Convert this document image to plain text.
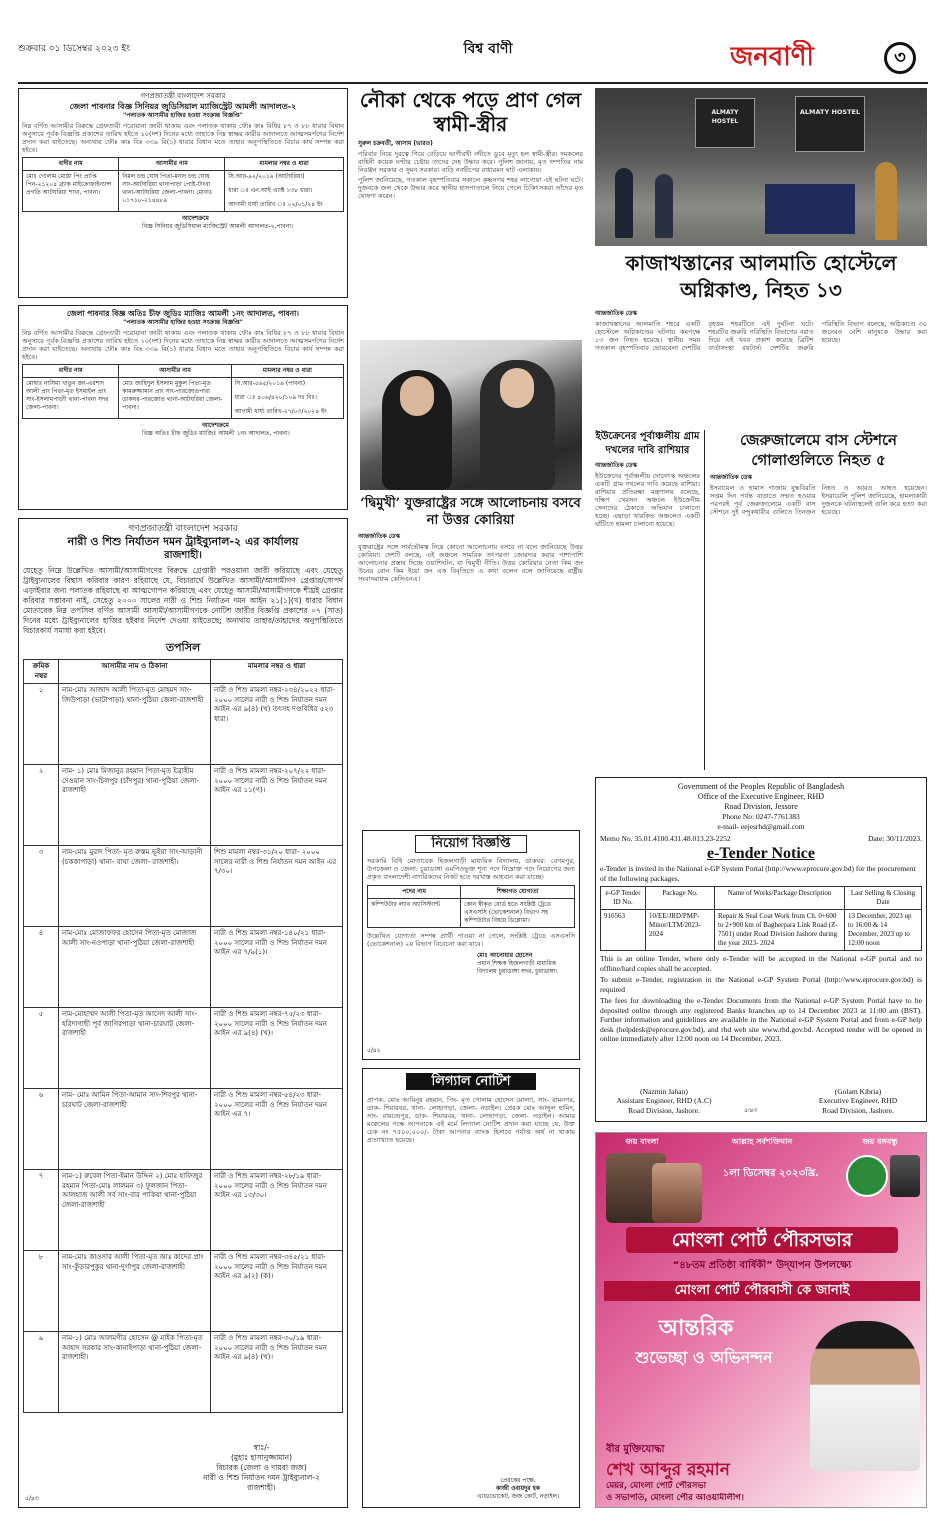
শুক্রবার ০১ ডিসেম্বর ২০২৩ ইং	বিশ্ব বাণী	জনবাণী	৩
গণপ্রজাতন্ত্রী বাংলাদেশ সরকার
জেলা পাবনার বিজ্ঞ সিনিয়র জুডিসিয়াল ম্যাজিস্ট্রেট আমলী আদালত-২
"পলাতক আসামীর হাজির হওয়া সংক্রান্ত বিজ্ঞপ্তি"
নিম্ন বর্ণিত আসামীর বিরুদ্ধে গ্রেফতারী পরোয়ানা জারী থাকায় এবং পলাতক থাকায় ফৌঃ কাঃ বিধির ৮৭ ও ৮৮ ধারার বিধান অনুসারে পূর্বক বিজ্ঞপ্তি প্রকাশের তারিখ হইতে ১০(দশ) দিনের মধ্যে তাহাকে নিম্ন স্বাক্ষর কারীর আদালতে আত্মসমর্পণের নির্দেশ প্রদান করা যাইতেছে। অন্যথায় ফৌঃ কাঃ বিঃ ৩৩৯ বি(১) ধারার বিধান মতে তাহার অনুপস্থিতিতে বিচার কার্য সম্পন্ন করা হইবে।
বাদীর নাম	আসামীর নাম	মামলার নম্বর ও ধারা
মোঃ গোলাম মোস্তা পিং প্রাপ্তি পিন-২১২০৪ ব্র্যাক মাইক্রোফাইন্যান্স প্রগতি আটঘরিয়া শাখা, পাবনা।	বিমল চন্দ্র ঘোষ পিতা-মনাদ চন্দ্র ঘোষ সাং-আটঘরিয়া থানাপাড়া পোষ্ট-টাংবা থানা-আটঘরিয়া জেলা-পাবনা। মোবাঃ ০১৭১৮-২১৪৪৮৯	সি.আর-৯২/২০১৯ (আটঘরিয়া)
ধারা ঃ এন.আই এ্যাক্ট ১৩৮ ধারা।
আগামী ধার্য্য তারিখ ঃ ০২/০১/২৪ ইং
আদেশক্রমে
বিজ্ঞ সিনিয়র জুডিসিয়াল ম্যাজিস্ট্রেট আমলী আদালত-২,পাবনা।
জেলা পাবনার বিজ্ঞ অতিঃ চীফ জুডিঃ ম্যাজিঃ আমলী ১নং আদালত, পাবনা।
"পলাতক আসামীর হাজির হওয়া সংক্রান্ত বিজ্ঞপ্তি"
নিম্ন বর্ণিত আসামীর বিরুদ্ধে গ্রেফতারী পরোয়ানা জারী থাকায় এবং পলাতক থাকায় ফৌঃ কাঃ বিধির ৮৭ ও ৮৮ ধারার বিধান অনুসারে পূর্বক বিজ্ঞপ্তি প্রকাশের তারিখ হইতে ১০(দশ) দিনের মধ্যে তাহাকে নিম্ন স্বাক্ষর কারীর আদালতে আত্মসমর্পণের নির্দেশ প্রদান করা যাইতেছে। অন্যথায় ফৌঃ কাঃ বিঃ ৩৩৯ বি(১) ধারার বিধান মতে তাহার অনুপস্থিতিতে বিচার কার্য সম্পন্ন করা হইবে।
বাদীর নাম	আসামীর নাম	মামলার নম্বর ও ধারা
মোছাঃ নাসিমা খাতুন জং-এরশাদ আলী প্রাং পিতা-মৃত ইসমাইল প্রাং সাং-ইসলামপাড়াী থানা-পাবনা সদর জেলা-পাবনা।	মোঃ জাহিদুল ইসলাম মুকুল পিতা-মৃত কামরুজ্জামান প্রাং সাং-পারজোতপারা ডাকঘর-পারজোত থানা-আটঘরিয়া জেলা-পাবনা।	সি.আর-৫৬৫/২০১৯ (পাবনা)
ধারা ঃ ৪০৬/৪২০/১০৯ দঃ বিঃ।
আগামী ধার্য্য তারিখ-২৭/০৩/২০২৪ ইং
আদেশক্রমে
বিজ্ঞ অতিঃ চীফ জুডিঃ ম্যাজিঃ আমলী ১নং আদালত, পাবনা।
গণপ্রজাতন্ত্রী বাংলাদেশ সরকার
নারী ও শিশু নির্যাতন দমন ট্রাইব্যুনাল-২ এর কার্যালয়
রাজশাহী।
যেহেতু নিম্নে উল্লেখিত আসামী/আসামীগণের বিরুদ্ধে গ্রেপ্তারী পরওয়ানা জারী করিয়াছে এবং যেহেতু ট্রাইব্যুনালের বিশ্বাস করিবার কারণ রহিয়াছে যে, বিচারার্থে উল্লেখিত আসামী/আসামীগণ গ্রেপ্তার/সোপর্দ এড়াইবার জন্য পলাতক রহিয়াছে বা আত্মগোপন করিয়াছে এবং যেহেতু আসামী/আসামীগণকে শীঘ্রই গ্রেপ্তার করিবার সম্ভাবনা নাই, সেহেতু ২০০০ সালের নারী ও শিশু নির্যাতন দমন আইন ২১(১)(খ) ধারার বিধান মোতাবেক নিম্ন তপসিল বর্ণিত আসামী আসামী/আসামীগণকে নোটিশ জারীর বিজ্ঞপ্তি প্রকাশের ০৭ (সাত) দিনের মধ্যে ট্রাইব্যুনালের হাজির হইবার নির্দেশ দেওয়া যাইতেছে; অন্যথায় তাহার/তাহাদের অনুপস্থিতিতে বিচারকার্য সমাধা করা হইবে।
তপসিল
ক্রমিক নম্বর	আসামীর নাম ও ঠিকানা	মামলার নম্বর ও ধারা
১	নাম-মোঃ আজাদ আলী পিতা-মৃত মোহমদ সাং-জিউপাড়া (ভাটাপাড়া) থানা-পুঠিয়া জেলা-রাজশাহী	নারী ও শিশু মামলা নম্বর-২৩৪/২০২২ ধারা- ২০০০ সালের নারী ও শিশু নির্যাতন দমন আইন এর ৯(৪) (খ) তৎসহ দণ্ডবিধির ৫২৩ ধারা।
২	নাম- ১) মোঃ মিজানুর রহমান পিতা-মৃত ইব্রাহীম দেওয়ান সাং-চিলপুর (চাঁদপুর) থানা-পুঠিয়া জেলা-রাজশাহী	নারী ও শিশু মামলা নম্বর-২০৭/২২ ধারা- ২০০০ সালের নারী ও শিশু নির্যাতন দমন আইন এর ১১(গ)।
৩	নাম-মোঃ মুরাদ পিতা- মৃত রুস্তম ভূইয়া সাং-আড়ানী (চককাপাড়া) থানা- বাঘা জেলা- রাজশাহী।	শিশু মামলা নম্বর-৩১/২০ ধারা- ২০০০ সালের নারী ও শিশু নির্যাতন দমন আইন এর ৭/৩০।
৪	নাম-মোঃ মোজাফফর হোসেন পিতা-মৃত মোজাজ আলী সাং-নওপাড়া থানা-পুঠিয়া জেলা-রাজশাহী	নারী ও শিশু মামলা নম্বর-১৪০/২১ ধারা- ২০০০ সালের নারী ও শিশু নির্যাতন দমন আইন এর ৭/৯(১)।
৫	নাম-মোহাম্মদ আলী পিতা-মৃত আসেদ আলী সাং-হরিদাগাছী পূর্ব জাগিরপাড়া থানা-চারঘাট জেলা-রাজশাহী	নারী ও শিশু মামলা নম্বর-৭৫/২৩ ধারা- ২০০০ সালের নারী ও শিশু নির্যাতন দমন আইন এর ৯(৪) (খ)।
৬	নাম- মোঃ আমিন পিতা-আমান সাং-শিবপুর থানা-চারঘাট জেলা-রাজশাহী	নারী ও শিশু মামলা নম্বর-৫৪/২৩ ধারা- ২০০০ সালের নারী ও শিশু নির্যাতন দমন আইন এর ৭।
৭	নাম-১) রুবেল পিতা-ইমান উদ্দিন ২) মোঃ হাফিজুর রহমান পিতা-মোঃ লালমন ৩) ফুলজান পিতা-আলহাজ আলী সর্ব সাং-বার পাকিয়া থানা-পুঠিয়া জেলা-রাজশাহী	নারী ও শিশু মামলা নম্বর-২৮/১৯ ধারা- ২০০০ সালের নারী ও শিশু নির্যাতন দমন আইন এর ১৩/৩০।
৮	নাম-মোঃ কাওসার আলী পিতা-মৃত আঃ কাদের প্রাং সাং-কুঁড়ারপুকুর থানা-দুর্গাপুর জেলা-রাজশাহী	নারী ও শিশু মামলা নম্বর-৩৪৫/২১ ধারা- ২০০০ সালের নারী ও শিশু নির্যাতন দমন আইন এর ৯(২) (ক)।
৯	নাম-১) মোঃ আলমগীর হোসেন @ মাইক পিতা-মৃত আহাদ সরকার সাং-কানাইপাড়া থানা-পুঠিয়া জেলা-রাজশাহী।	নারী ও শিশু মামলা নম্বর-৩০/১৯ ধারা- ২০০০ সালের নারী ও শিশু নির্যাতন দমন আইন এর ৯(৪) (খ)।
স্বাঃ/-
(মুহাঃ হাসানুজ্জামান)
বিচারক (জেলা ও দায়রা জজ)
নারী ও শিশু নির্যাতন দমন ট্রাইব্যুনাল-২
রাজশাহী।
৫/৪৩
নৌকা থেকে পড়ে প্রাণ গেল স্বামী-স্ত্রীর
সুরুল চক্রবর্তী, আসাম (ভারত)
পরিবার নিয়ে দুরত্বে গিয়ে বেড়িয়ে ভাগীরথী নদীতে ডুবে মৃত্যু হল স্বামী-স্ত্রীর। দমকলের বাহিনী কয়েক ঘণ্টার চেষ্টায় তাদের দেহ উদ্ধার করে। পুলিশ জানায়, মৃত দম্পতির নাম নিরঞ্জন সরকার ও সুমন সরকার। বাড়ি নবদ্বীপের রাধারমন ঘাট এলাকায়।
পুলিশ জানিয়েছে, গতকাল বৃহস্পতিবার সকালে কৃষ্ণনগর শহর লাগোয়া এই ঘটনা ঘটে। দুজনকে জল থেকে উদ্ধার করে স্থানীয় হাসপাতালে নিয়ে গেলে চিকিৎসকরা তাঁদের মৃত ঘোষণা করেন।
‘দ্বিমুখী’ যুক্তরাষ্ট্রের সঙ্গে আলোচনায় বসবে না উত্তর কোরিয়া
আন্তর্জাতিক ডেস্ক
যুক্তরাষ্ট্রের সঙ্গে সার্বভৌমত্ব নিয়ে কোনো আলোচনায় বসবে না বলে জানিয়েছে উত্তর কোরিয়া। দেশটি বলছে, এই অঞ্চলে সামরিক তৎপরতা জোরদার করার পাশাপাশি আলোচনার প্রস্তাব দিচ্ছে ওয়াশিংটন, যা দ্বিমুখী নীতি। উত্তর কোরিয়ার নেতা কিম জং উনের বোন কিম ইয়ো জং এক বিবৃতিতে এ কথা বলেন বলে জানিয়েছে রাষ্ট্রীয় সংবাদমাধ্যম কেসিএনএ।
নিয়োগ বিজ্ঞপ্তি
সরকারি বিধি মোতাবেক হিজলগাড়ী মাধ্যমিক বিদ্যালয়, ডাকঘর: বেগমপুর, উপজেলা ও জেলা: চুয়াডাঙ্গা এমপিওভুক্ত শূন্য পদে নিম্নোক্ত পদে নিয়োগের জন্য প্রকৃত বাংলাদেশী নাগরিকদের নিকট হতে দরখাস্ত আহবান করা যাচ্ছে।
পদের নাম	শিক্ষাগত যোগ্যতা
কম্পিউটার ল্যাব অ্যাসিস্ট্যান্ট	কোন স্বীকৃত বোর্ড হতে সংশ্লিষ্ট ট্রেডে এসএসসি (ভোকেশনাল) বিভাগ সহ কম্পিউটার বিষয়ে ডিপ্লোমা।
উল্লেখিত যোগ্যতা সম্পন্ন প্রার্থী পাওয়া না গেলে, সংশ্লিষ্ট ট্রেডে এসএসসি (ভোকেশনাল) ২য় বিভাগ বিবেচনা করা যাবে।
মোঃ আনোয়ার হোসেন
প্রধান শিক্ষক হিজলগাড়ী মাধ্যমিক বিদ্যালয় চুয়াডাঙ্গা সদর, চুয়াডাঙ্গা।
৫/৪২
লিগ্যাল নোটিশ
প্রাপক: মোঃ আমিনুর রহমান, পিং- মৃত গোলাম হোসেন মোল্যা, সাং- রামনগর, ডাক- শিয়ারবর, থানা- লোহাগড়া, জেলা- নড়াইল। প্রেরক মোঃ আব্দুল হামিদ, সাং- রামচন্দ্রপুর, ডাক- শিয়ারবর, থানা- লোহাগড়া, জেলা- নড়াইল। আমার মক্কেলের পক্ষে আপনাকে এই মর্মে লিগ্যাল নোটিশ প্রদান করা যাচ্ছে যে, উক্ত চেক নং ৭৫০০,০০০/- টাকা আপনার ব্যাংক হিসাবে পর্যাপ্ত অর্থ না থাকায় প্রত্যাখ্যাত হয়েছে।
প্রেরকের পক্ষে,
কাজী ওবায়দুর হক
এ্যাডভোকেট, জজ কোর্ট, নড়াইল।
ALMATY HOSTEL
ALMATY HOSTEL
কাজাখস্তানের আলমাতি হোস্টেলে অগ্নিকাণ্ড, নিহত ১৩
আন্তর্জাতিক ডেস্ক
কাজাখস্তানের আলমাতি শহরে একটি হোস্টেলে অগ্নিকাণ্ডের ঘটনায় কমপক্ষে ১৩ জন নিহত হয়েছে। স্থানীয় সময় গতকাল বৃহস্পতিবার ভোরবেলা দেশটির বৃহত্তম শহরটিতে এই দুর্ঘটনা ঘটে। শহরটির জরুরি পরিস্থিতি বিভাগের বরাত দিয়ে এই খবর প্রকাশ করেছে ব্রিটিশ বার্তাসংস্থা রয়টার্স। দেশটির জরুরি পরিস্থিতি বিভাগ বলেছে, অগ্নিকাণ্ডে ৩০ জনেরও বেশি মানুষকে উদ্ধার করা হয়েছে।
ইউক্রেনের পূর্বাঞ্চলীয় গ্রাম দখলের দাবি রাশিয়ার
আন্তর্জাতিক ডেস্ক
ইউক্রেনের পূর্বাঞ্চলীয় দোনেৎস্ক অঞ্চলের একটি গ্রাম দখলের দাবি করেছে রাশিয়া। রাশিয়ার প্রতিরক্ষা মন্ত্রণালয় বলেছে, দক্ষিণ খেরসন অঞ্চলে ইউক্রেনীয় সেনাদের ঠেকাতে অভিযান চালানো হচ্ছে। এছাড়া খারকিভ অঞ্চলেও একটি ঘাঁটিতে হামলা চালানো হয়েছে।
জেরুজালেমে বাস স্টেশনে গোলাগুলিতে নিহত ৫
আন্তর্জাতিক ডেস্ক
ইসরায়েল ও হামাস গাজায় যুদ্ধবিরতি সপ্তম দিন পর্যন্ত বাড়াতে সম্মত হওয়ার পরপরই পূর্ব জেরুজালেমে একটি বাস স্টেশনে দুই বন্দুকধারীর গুলিতে তিনজন নিহত ও আরও আহত হয়েছেন। ইসরায়েলি পুলিশ জানিয়েছে, হামলাকারী দুজনকে ঘটনাস্থলেই গুলি করে হত্যা করা হয়েছে।
Government of the Peoples Republic of Bangladesh
Office of the Executive Engineer, RHD
Road Division, Jessore
Phone No: 0247-7761383
e-mail- eejesrhd@gmail.com
Memo No. 35.01.4100.431.48.013.23-2252	Date: 30/11/2023.
e-Tender Notice
e-Tender is invited in the National e-GP System Portal (http://www.eprocure.gov.bd) for the procurement of the following packages.
e-GP Tender ID No.	Package No.	Name of Works/Package Description	Last Selling & Closing Date
916563	10/EE/JRD/PMP-Minor/LTM/2023-2024	Repair & Seal Coat Work from Ch. 0+600 to 2+900 km of Bagherpara Link Road (Z-7501) under Road Division Jashore during the year 2023- 2024	13 December, 2023 up to 16:00 & 14 December, 2023 up to 12:00 noon
This is an online Tender, where only e-Tender will be accepted in the National e-GP portal and no offline/hard copies shall be accepted.
To submit e-Tender, registration in the National e-GP System Portal (http://www.eprocure.gov.bd) is required
The fees for downloading the e-Tender Documents from the National e-GP System Portal have to be deposited online through any registered Banks branches up to 14 December 2023 at 11:00 am (BST). Further information and guidelines are available in the National e-GP System Portal and from e-GP help desk (helpdesk@eprocure.gov.bd), and rhd web site www.rhd.gov.bd. Accepted tender will be opened in online immediately after 12:00 noon on 14 December, 2023.
(Nazmin Jahan)
Assistant Engineer, RHD (A.C)
Road Division, Jashore.	৫/৪৩
(Golam Kibria)
Executive Engineer, RHD
Road Division, Jashore.
জয় বাংলা	আল্লাহ সর্বশক্তিমান	জয় বঙ্গবন্ধু
১লা ডিসেম্বর ২০২৩খ্রি.
মোংলা পোর্ট পৌরসভার
“৪৮তম প্রতিষ্ঠা বার্ষিকী” উদ্‌যাপন উপলক্ষ্যে
মোংলা পোর্ট পৌরবাসী কে জানাই
আন্তরিক
শুভেচ্ছা ও অভিনন্দন
বীর মুক্তিযোদ্ধা
শেখ আব্দুর রহমান
মেয়র, মোংলা পোর্ট পৌরসভা
ও সভাপতি, মোংলা পৌর আওয়ামীলীগ।
